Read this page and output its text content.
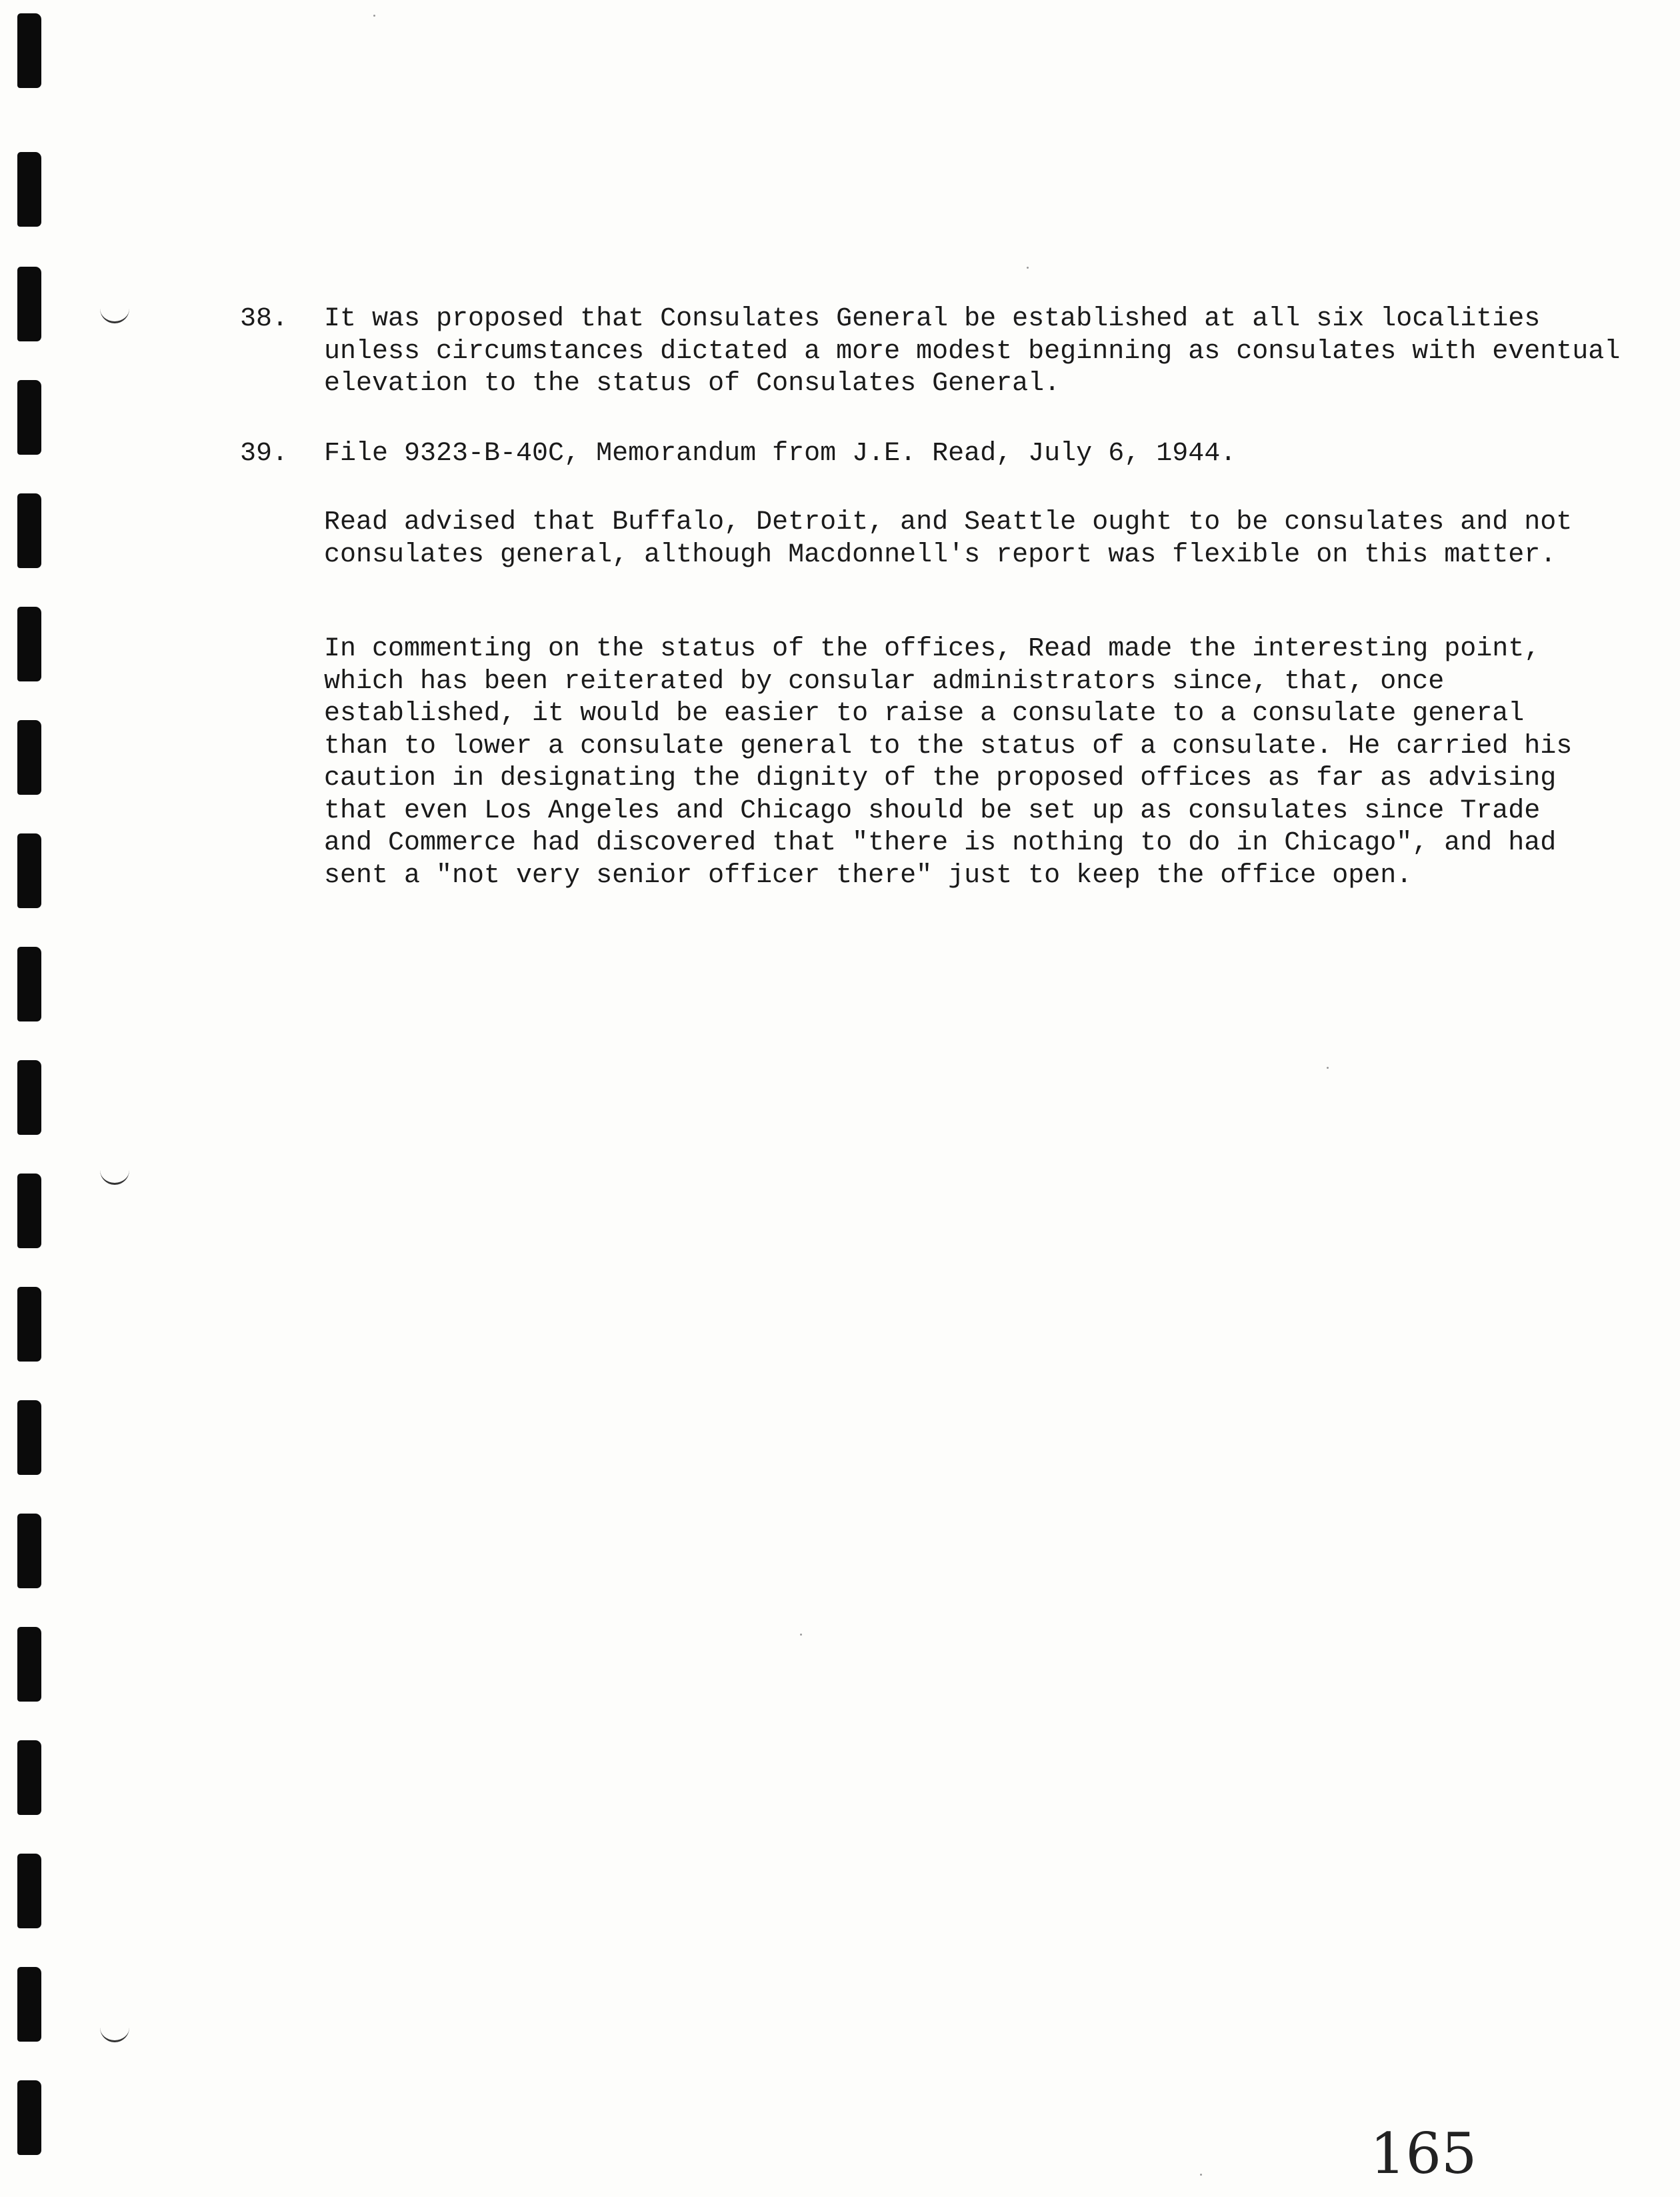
38. It was proposed that Consulates General be established at all six localities unless circumstances dictated a more modest beginning as consulates with eventual elevation to the status of Consulates General.

39. File 9323-B-40C, Memorandum from J.E. Read, July 6, 1944.

Read advised that Buffalo, Detroit, and Seattle ought to be consulates and not consulates general, although Macdonnell's report was flexible on this matter.

In commenting on the status of the offices, Read made the interesting point, which has been reiterated by consular administrators since, that, once established, it would be easier to raise a consulate to a consulate general than to lower a consulate general to the status of a consulate. He carried his caution in designating the dignity of the proposed offices as far as advising that even Los Angeles and Chicago should be set up as consulates since Trade and Commerce had discovered that "there is nothing to do in Chicago", and had sent a "not very senior officer there" just to keep the office open.

165
